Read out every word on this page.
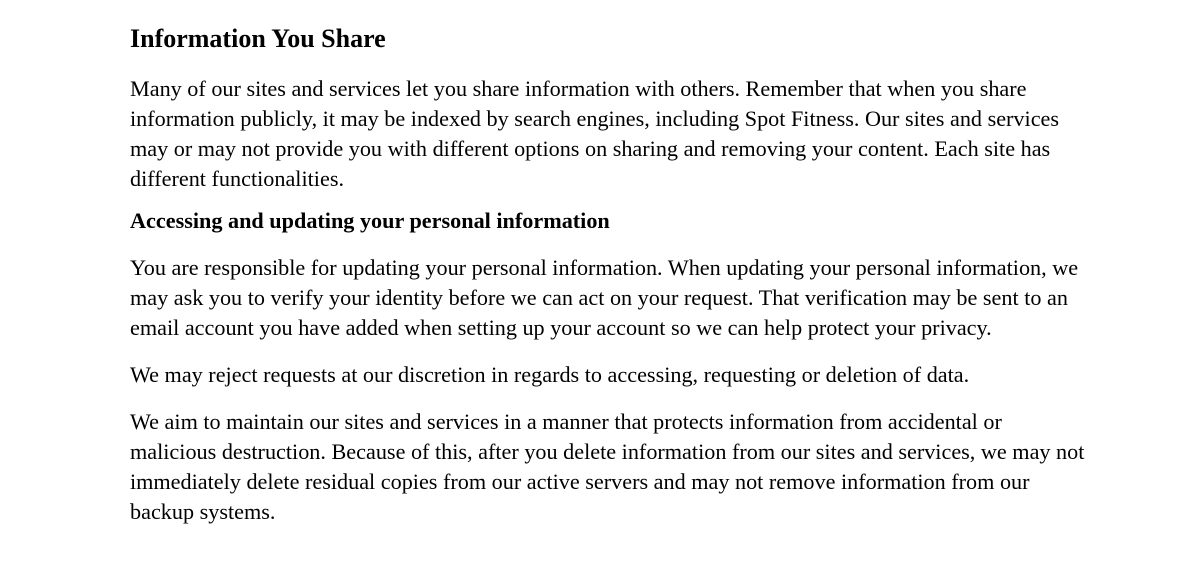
Information You Share

Many of our sites and services let you share information with others. Remember that when you share information publicly, it may be indexed by search engines, including Spot Fitness. Our sites and services may or may not provide you with different options on sharing and removing your content. Each site has different functionalities.

Accessing and updating your personal information

You are responsible for updating your personal information. When updating your personal information, we may ask you to verify your identity before we can act on your request. That verification may be sent to an email account you have added when setting up your account so we can help protect your privacy.

We may reject requests at our discretion in regards to accessing, requesting or deletion of data.

We aim to maintain our sites and services in a manner that protects information from accidental or malicious destruction. Because of this, after you delete information from our sites and services, we may not immediately delete residual copies from our active servers and may not remove information from our backup systems.
